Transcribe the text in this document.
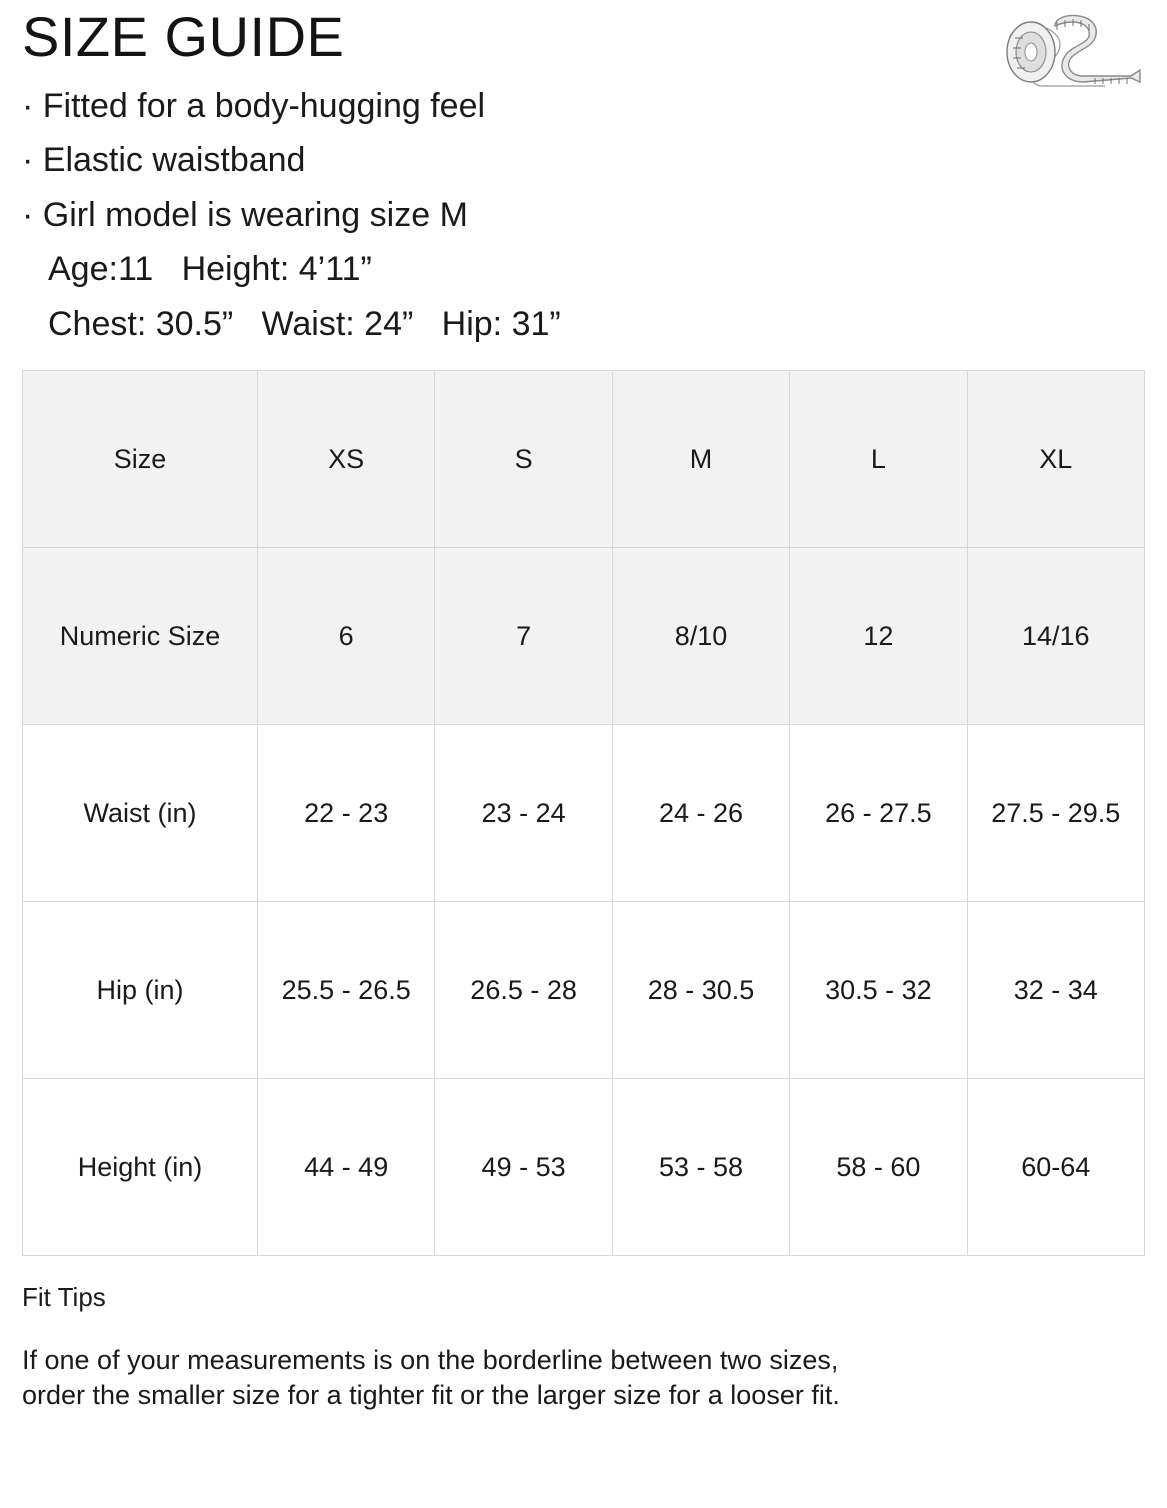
SIZE GUIDE
· Fitted for a body-hugging feel
· Elastic waistband
· Girl model is wearing size M
Age:11   Height: 4’11”
Chest: 30.5”   Waist: 24”   Hip: 31”
Size	XS	S	M	L	XL
Numeric Size	6	7	8/10	12	14/16
Waist (in)	22 - 23	23 - 24	24 - 26	26 - 27.5	27.5 - 29.5
Hip (in)	25.5 - 26.5	26.5 - 28	28 - 30.5	30.5 - 32	32 - 34
Height (in)	44 - 49	49 - 53	53 - 58	58 - 60	60-64
Fit Tips
If one of your measurements is on the borderline between two sizes,
order the smaller size for a tighter fit or the larger size for a looser fit.
